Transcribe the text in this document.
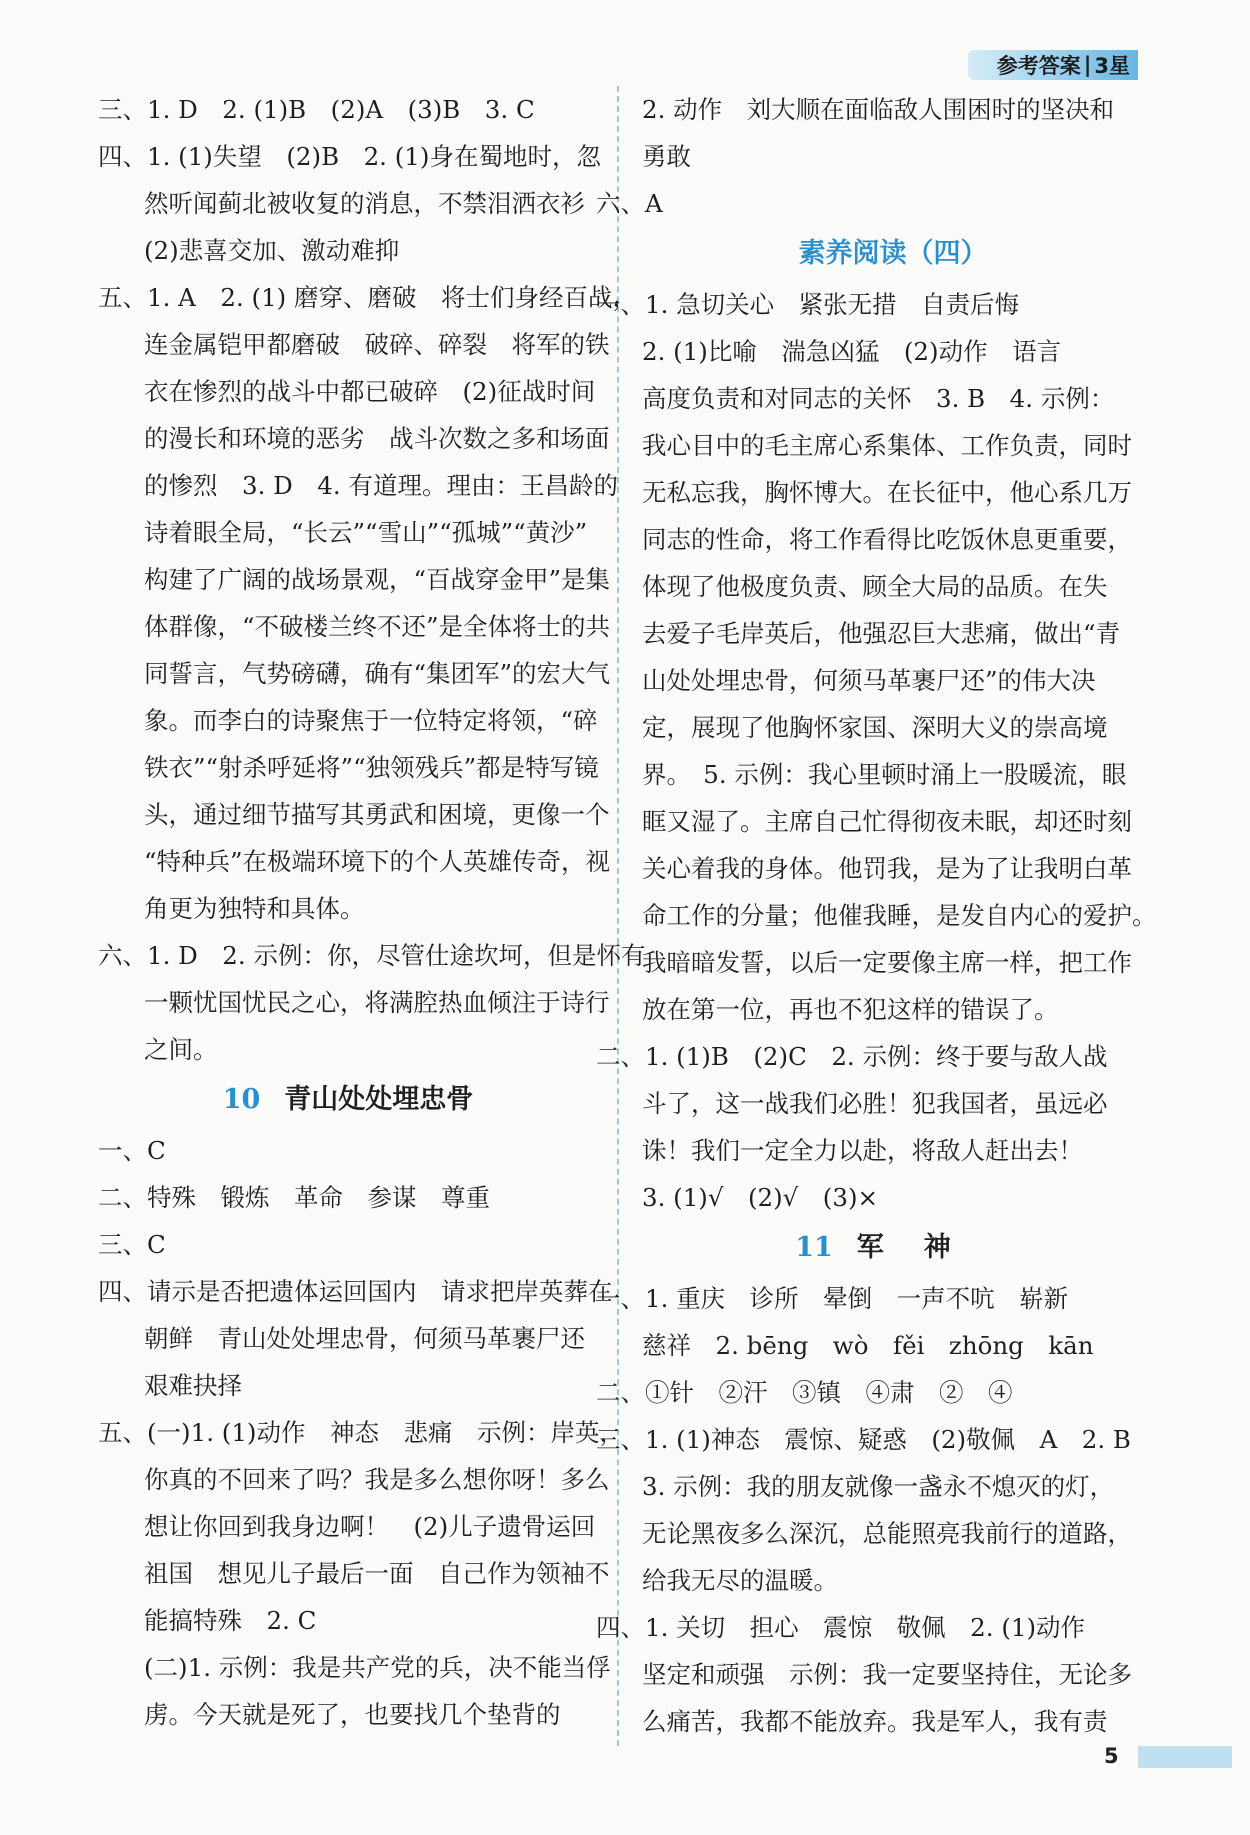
参考答案 | 3星
三、1. D　2. (1)B　(2)A　(3)B　3. C
四、1. (1)失望　(2)B　2. (1)身在蜀地时，忽
然听闻蓟北被收复的消息，不禁泪洒衣衫
(2)悲喜交加、激动难抑
五、1. A　2. (1) 磨穿、磨破　将士们身经百战，
连金属铠甲都磨破　破碎、碎裂　将军的铁
衣在惨烈的战斗中都已破碎　(2)征战时间
的漫长和环境的恶劣　战斗次数之多和场面
的惨烈　3. D　4. 有道理。理由：王昌龄的
诗着眼全局，“长云”“雪山”“孤城”“黄沙”
构建了广阔的战场景观，“百战穿金甲”是集
体群像，“不破楼兰终不还”是全体将士的共
同誓言，气势磅礴，确有“集团军”的宏大气
象。而李白的诗聚焦于一位特定将领，“碎
铁衣”“射杀呼延将”“独领残兵”都是特写镜
头，通过细节描写其勇武和困境，更像一个
“特种兵”在极端环境下的个人英雄传奇，视
角更为独特和具体。
六、1. D　2. 示例：你，尽管仕途坎坷，但是怀有
一颗忧国忧民之心，将满腔热血倾注于诗行
之间。
10 青山处处埋忠骨
一、C
二、特殊　锻炼　革命　参谋　尊重
三、C
四、请示是否把遗体运回国内　请求把岸英葬在
朝鲜　青山处处埋忠骨，何须马革裹尸还
艰难抉择
五、(一)1. (1)动作　神态　悲痛　示例：岸英，
你真的不回来了吗？我是多么想你呀！多么
想让你回到我身边啊！　(2)儿子遗骨运回
祖国　想见儿子最后一面　自己作为领袖不
能搞特殊　2. C
(二)1. 示例：我是共产党的兵，决不能当俘
虏。今天就是死了，也要找几个垫背的
2. 动作　刘大顺在面临敌人围困时的坚决和
勇敢
六、A
素养阅读（四）
一、1. 急切关心　紧张无措　自责后悔
2. (1)比喻　湍急凶猛　(2)动作　语言
高度负责和对同志的关怀　3. B　4. 示例：
我心目中的毛主席心系集体、工作负责，同时
无私忘我，胸怀博大。在长征中，他心系几万
同志的性命，将工作看得比吃饭休息更重要，
体现了他极度负责、顾全大局的品质。在失
去爱子毛岸英后，他强忍巨大悲痛，做出“青
山处处埋忠骨，何须马革裹尸还”的伟大决
定，展现了他胸怀家国、深明大义的崇高境
界。　5. 示例：我心里顿时涌上一股暖流，眼
眶又湿了。主席自己忙得彻夜未眠，却还时刻
关心着我的身体。他罚我，是为了让我明白革
命工作的分量；他催我睡，是发自内心的爱护。
我暗暗发誓，以后一定要像主席一样，把工作
放在第一位，再也不犯这样的错误了。
二、1. (1)B　(2)C　2. 示例：终于要与敌人战
斗了，这一战我们必胜！犯我国者，虽远必
诛！我们一定全力以赴，将敌人赶出去！
3. (1)√　(2)√　(3)×
11 军神
一、1. 重庆　诊所　晕倒　一声不吭　崭新
慈祥　2. bēng　wò　fěi　zhōng　kān
二、①针　②汗　③镇　④肃　②　④
三、1. (1)神态　震惊、疑惑　(2)敬佩　A　2. B
3. 示例：我的朋友就像一盏永不熄灭的灯，
无论黑夜多么深沉，总能照亮我前行的道路，
给我无尽的温暖。
四、1. 关切　担心　震惊　敬佩　2. (1)动作
坚定和顽强　示例：我一定要坚持住，无论多
么痛苦，我都不能放弃。我是军人，我有责
5
